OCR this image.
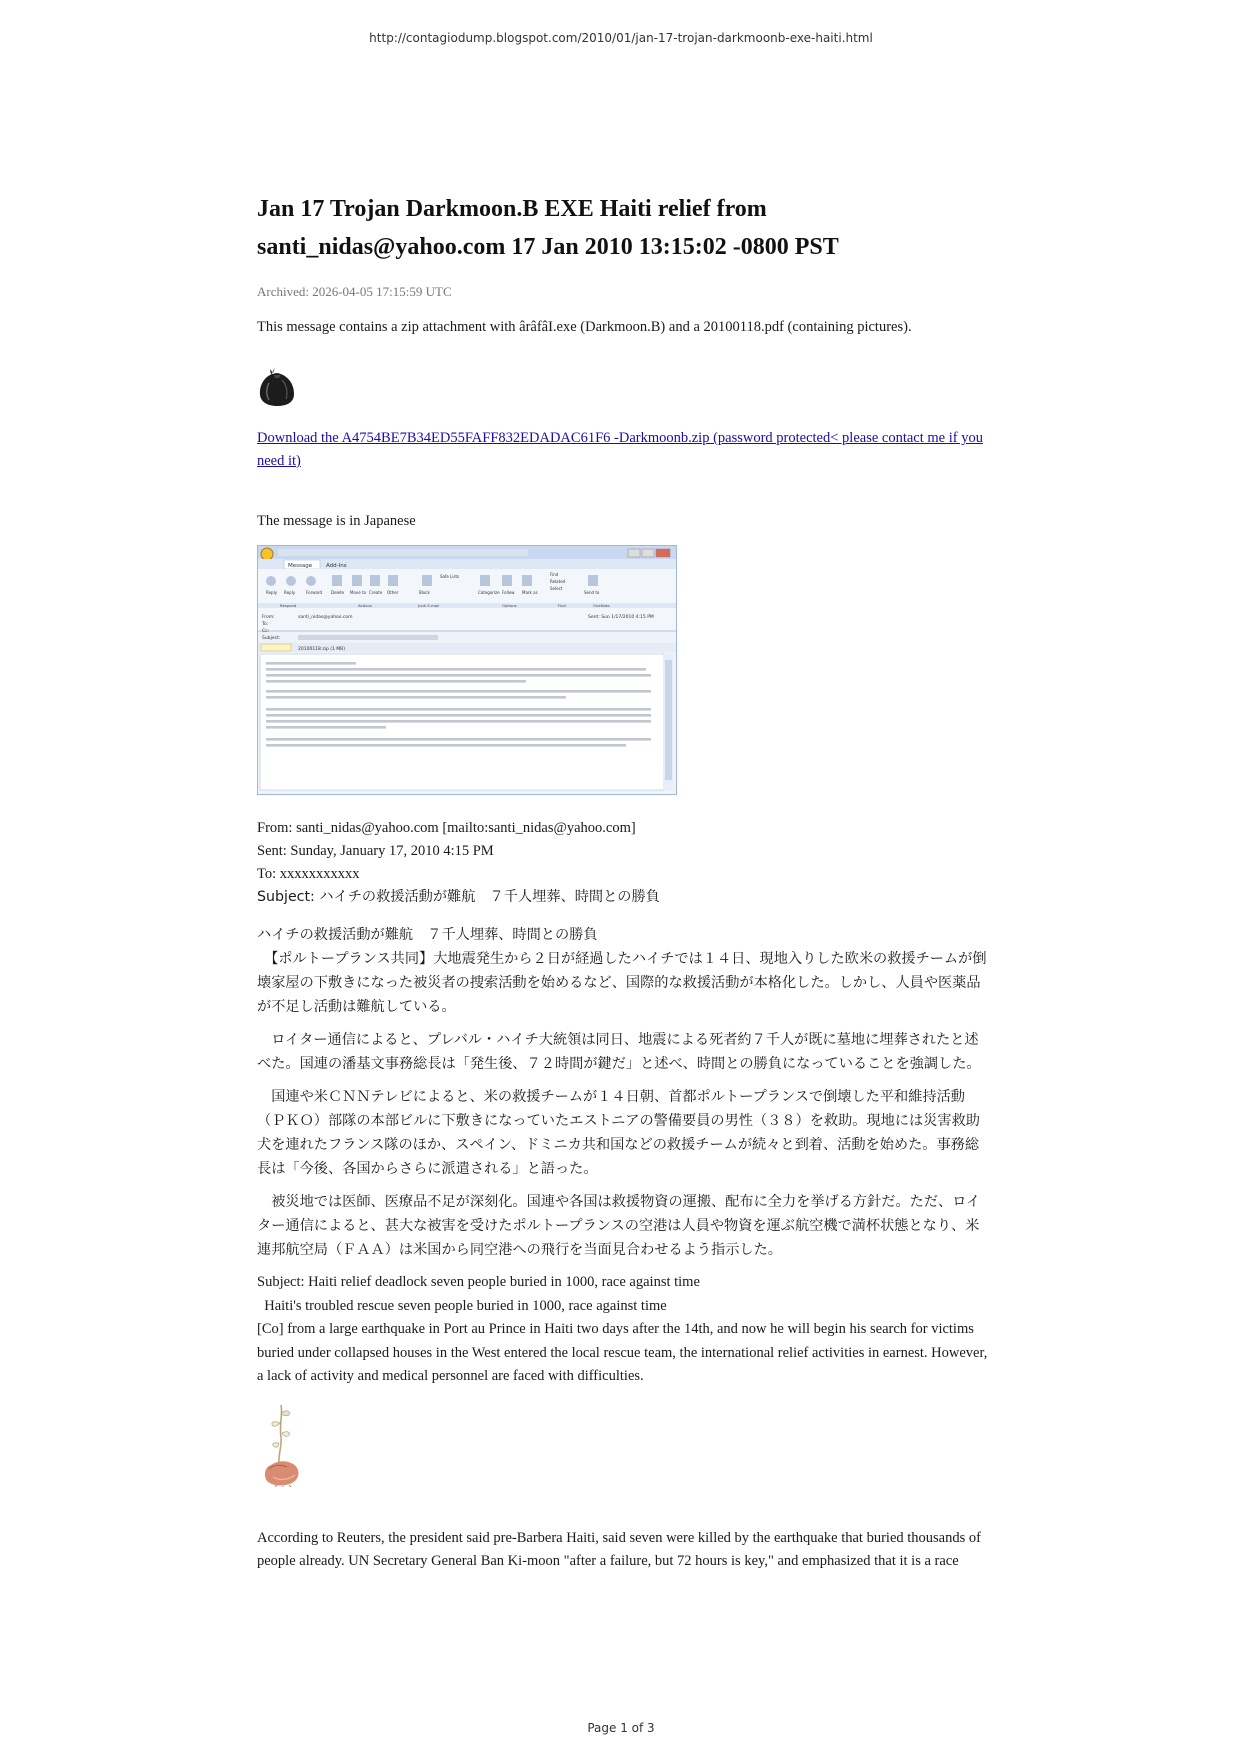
http://contagiodump.blogspot.com/2010/01/jan-17-trojan-darkmoonb-exe-haiti.html
Jan 17 Trojan Darkmoon.B EXE Haiti relief from
santi_nidas@yahoo.com 17 Jan 2010 13:15:02 -0800 PST
Archived: 2026-04-05 17:15:59 UTC
This message contains a zip attachment with ârâfâI.exe (Darkmoon.B) and a 20100118.pdf (containing pictures).
Download the A4754BE7B34ED55FAFF832EDADAC61F6 -Darkmoonb.zip (password protected< please contact me if you need it)
The message is in Japanese
Message	Add-Ins
Reply Reply	Forward Delete Move to Create Other	Block	Categorize Follow Mark as	Send to
Safe Lists	Find
Related
Select
Respond	Actions	Junk E-mail	Options	Find	OneNote
From:	santi_nidas@yahoo.com	Sent: Sun 1/17/2010 4:15 PM
To:
Cc:
Subject:
20100118.zip (1 MB)
From: santi_nidas@yahoo.com [mailto:santi_nidas@yahoo.com]
Sent: Sunday, January 17, 2010 4:15 PM
To: xxxxxxxxxxx
Subject: ハイチの救援活動が難航　７千人埋葬、時間との勝負

ハイチの救援活動が難航　７千人埋葬、時間との勝負
　【ポルトープランス共同】大地震発生から２日が経過したハイチでは１４日、現地入りした欧米の救援チームが倒壊家屋の下敷きになった被災者の捜索活動を始めるなど、国際的な救援活動が本格化した。しかし、人員や医薬品が不足し活動は難航している。

　ロイター通信によると、プレバル・ハイチ大統領は同日、地震による死者約７千人が既に墓地に埋葬されたと述べた。国連の潘基文事務総長は「発生後、７２時間が鍵だ」と述べ、時間との勝負になっていることを強調した。

　国連や米ＣＮＮテレビによると、米の救援チームが１４日朝、首都ポルトープランスで倒壊した平和維持活動（ＰＫＯ）部隊の本部ビルに下敷きになっていたエストニアの警備要員の男性（３８）を救助。現地には災害救助犬を連れたフランス隊のほか、スペイン、ドミニカ共和国などの救援チームが続々と到着、活動を始めた。事務総長は「今後、各国からさらに派遣される」と語った。

　被災地では医師、医療品不足が深刻化。国連や各国は救援物資の運搬、配布に全力を挙げる方針だ。ただ、ロイター通信によると、甚大な被害を受けたポルトープランスの空港は人員や物資を運ぶ航空機で満杯状態となり、米連邦航空局（ＦＡＡ）は米国から同空港への飛行を当面見合わせるよう指示した。

Subject: Haiti relief deadlock seven people buried in 1000, race against time

Haiti's troubled rescue seven people buried in 1000, race against time

[Co] from a large earthquake in Port au Prince in Haiti two days after the 14th, and now he will begin his search for victims buried under collapsed houses in the West entered the local rescue team, the international relief activities in earnest. However, a lack of activity and medical personnel are faced with difficulties.

According to Reuters, the president said pre-Barbera Haiti, said seven were killed by the earthquake that buried thousands of people already. UN Secretary General Ban Ki-moon "after a failure, but 72 hours is key," and emphasized that it is a race
Page 1 of 3
